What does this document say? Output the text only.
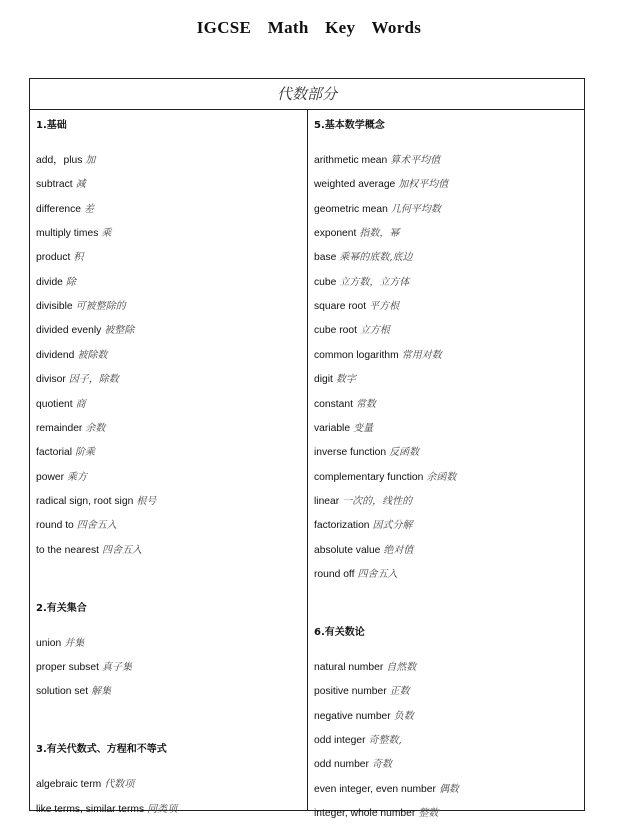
IGCSE Math Key Words
代数部分
1.基础
add，plus 加
subtract 减
difference 差
multiply times 乘
product 积
divide 除
divisible 可被整除的
divided evenly 被整除
dividend 被除数
divisor 因子，除数
quotient 商
remainder 余数
factorial 阶乘
power 乘方
radical sign, root sign 根号
round to 四舍五入
to the nearest 四舍五入
2.有关集合
union 并集
proper subset 真子集
solution set 解集
3.有关代数式、方程和不等式
algebraic term 代数项
like terms, similar terms 同类项
5.基本数学概念
arithmetic mean 算术平均值
weighted average 加权平均值
geometric mean 几何平均数
exponent 指数，幂
base 乘幂的底数,底边
cube 立方数，立方体
square root 平方根
cube root 立方根
common logarithm 常用对数
digit 数字
constant 常数
variable 变量
inverse function 反函数
complementary function 余函数
linear 一次的，线性的
factorization 因式分解
absolute value 绝对值
round off 四舍五入
6.有关数论
natural number 自然数
positive number 正数
negative number 负数
odd integer 奇整数,
odd number 奇数
even integer, even number 偶数
integer, whole number 整数
